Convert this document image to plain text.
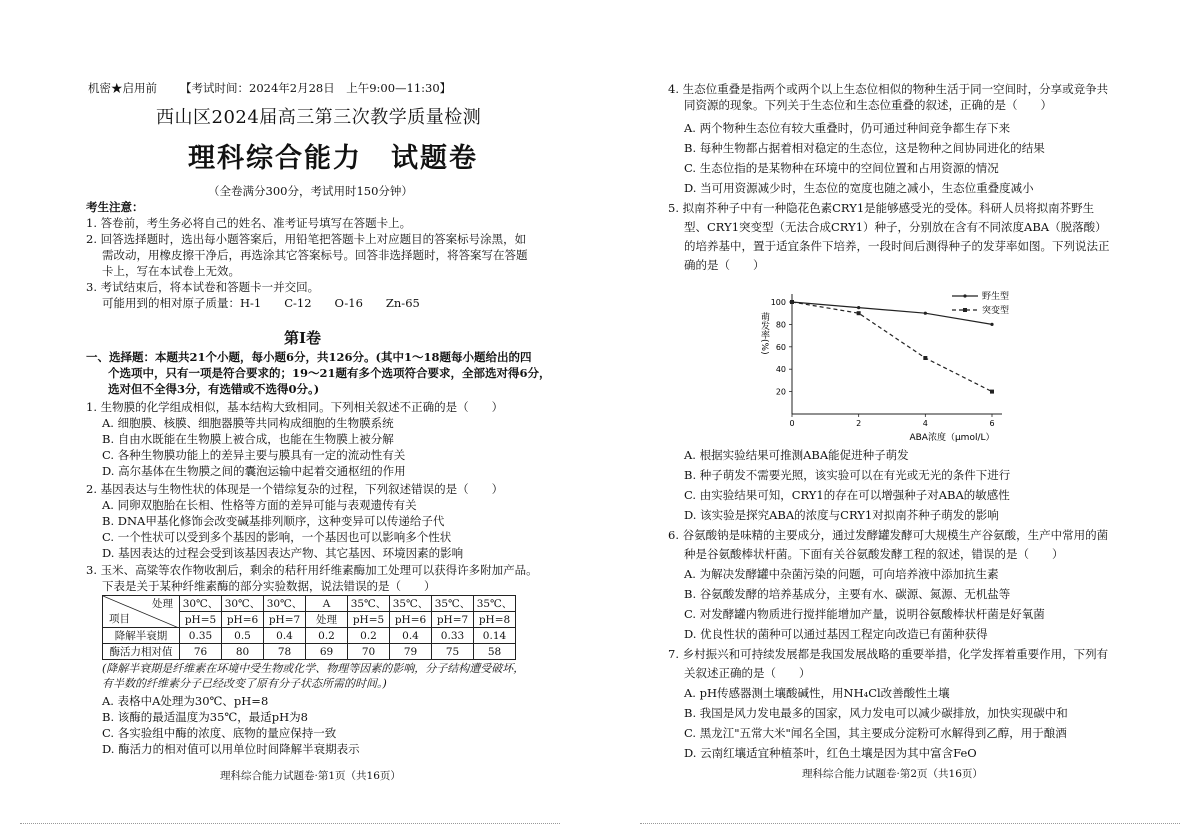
机密★启用前 【考试时间：2024年2月28日　上午9:00—11:30】
西山区2024届高三第三次教学质量检测
理科综合能力　试题卷
（全卷满分300分，考试用时150分钟）
考生注意：
1. 答卷前，考生务必将自己的姓名、准考证号填写在答题卡上。
2. 回答选择题时，选出每小题答案后，用铅笔把答题卡上对应题目的答案标号涂黑，如
需改动，用橡皮擦干净后，再选涂其它答案标号。回答非选择题时，将答案写在答题
卡上，写在本试卷上无效。
3. 考试结束后，将本试卷和答题卡一并交回。
可能用到的相对原子质量：H-1　　C-12　　O-16　　Zn-65
第Ⅰ卷
一、选择题：本题共21个小题，每小题6分，共126分。(其中1～18题每小题给出的四
个选项中，只有一项是符合要求的；19～21题有多个选项符合要求，全部选对得6分，
选对但不全得3分，有选错或不选得0分。)
1. 生物膜的化学组成相似，基本结构大致相同。下列相关叙述不正确的是（　　）
A. 细胞膜、核膜、细胞器膜等共同构成细胞的生物膜系统
B. 自由水既能在生物膜上被合成，也能在生物膜上被分解
C. 各种生物膜功能上的差异主要与膜具有一定的流动性有关
D. 高尔基体在生物膜之间的囊泡运输中起着交通枢纽的作用
2. 基因表达与生物性状的体现是一个错综复杂的过程，下列叙述错误的是（　　）
A. 同卵双胞胎在长相、性格等方面的差异可能与表观遗传有关
B. DNA甲基化修饰会改变碱基排列顺序，这种变异可以传递给子代
C. 一个性状可以受到多个基因的影响，一个基因也可以影响多个性状
D. 基因表达的过程会受到该基因表达产物、其它基因、环境因素的影响
3. 玉米、高粱等农作物收割后，剩余的秸秆用纤维素酶加工处理可以获得许多附加产品。
下表是关于某种纤维素酶的部分实验数据，说法错误的是（　　）
处理
项目	30℃、	30℃、	30℃、	A	35℃、	35℃、	35℃、	35℃、
	pH=5	pH=6	pH=7	处理	pH=5	pH=6	pH=7	pH=8
降解半衰期	0.35	0.5	0.4	0.2	0.2	0.4	0.33	0.14
酶活力相对值	76	80	78	69	70	79	75	58
(降解半衰期是纤维素在环境中受生物或化学、物理等因素的影响，分子结构遭受破坏，
有半数的纤维素分子已经改变了原有分子状态所需的时间。)
A. 表格中A处理为30℃、pH=8
B. 该酶的最适温度为35℃，最适pH为8
C. 各实验组中酶的浓度、底物的量应保持一致
D. 酶活力的相对值可以用单位时间降解半衰期表示
理科综合能力试题卷·第1页（共16页）
4. 生态位重叠是指两个或两个以上生态位相似的物种生活于同一空间时，分享或竞争共
同资源的现象。下列关于生态位和生态位重叠的叙述，正确的是（　　）
A. 两个物种生态位有较大重叠时，仍可通过种间竞争都生存下来
B. 每种生物都占据着相对稳定的生态位，这是物种之间协同进化的结果
C. 生态位指的是某物种在环境中的空间位置和占用资源的情况
D. 当可用资源减少时，生态位的宽度也随之减小，生态位重叠度减小
5. 拟南芥种子中有一种隐花色素CRY1是能够感受光的受体。科研人员将拟南芥野生
型、CRY1突变型（无法合成CRY1）种子，分别放在含有不同浓度ABA（脱落酸）
的培养基中，置于适宜条件下培养，一段时间后测得种子的发芽率如图。下列说法正
确的是（　　）
20
40
60
80
100
0	2	4	6
ABA浓度（μmol/L）
萌发率(%)
野生型
突变型
A. 根据实验结果可推测ABA能促进种子萌发
B. 种子萌发不需要光照，该实验可以在有光或无光的条件下进行
C. 由实验结果可知，CRY1的存在可以增强种子对ABA的敏感性
D. 该实验是探究ABA的浓度与CRY1对拟南芥种子萌发的影响
6. 谷氨酸钠是味精的主要成分，通过发酵罐发酵可大规模生产谷氨酸，生产中常用的菌
种是谷氨酸棒状杆菌。下面有关谷氨酸发酵工程的叙述，错误的是（　　）
A. 为解决发酵罐中杂菌污染的问题，可向培养液中添加抗生素
B. 谷氨酸发酵的培养基成分，主要有水、碳源、氮源、无机盐等
C. 对发酵罐内物质进行搅拌能增加产量，说明谷氨酸棒状杆菌是好氧菌
D. 优良性状的菌种可以通过基因工程定向改造已有菌种获得
7. 乡村振兴和可持续发展都是我国发展战略的重要举措，化学发挥着重要作用，下列有
关叙述正确的是（　　）
A. pH传感器测土壤酸碱性，用NH₄Cl改善酸性土壤
B. 我国是风力发电最多的国家，风力发电可以减少碳排放，加快实现碳中和
C. 黑龙江"五常大米"闻名全国，其主要成分淀粉可水解得到乙醇，用于酿酒
D. 云南红壤适宜种植茶叶，红色土壤是因为其中富含FeO
理科综合能力试题卷·第2页（共16页）
